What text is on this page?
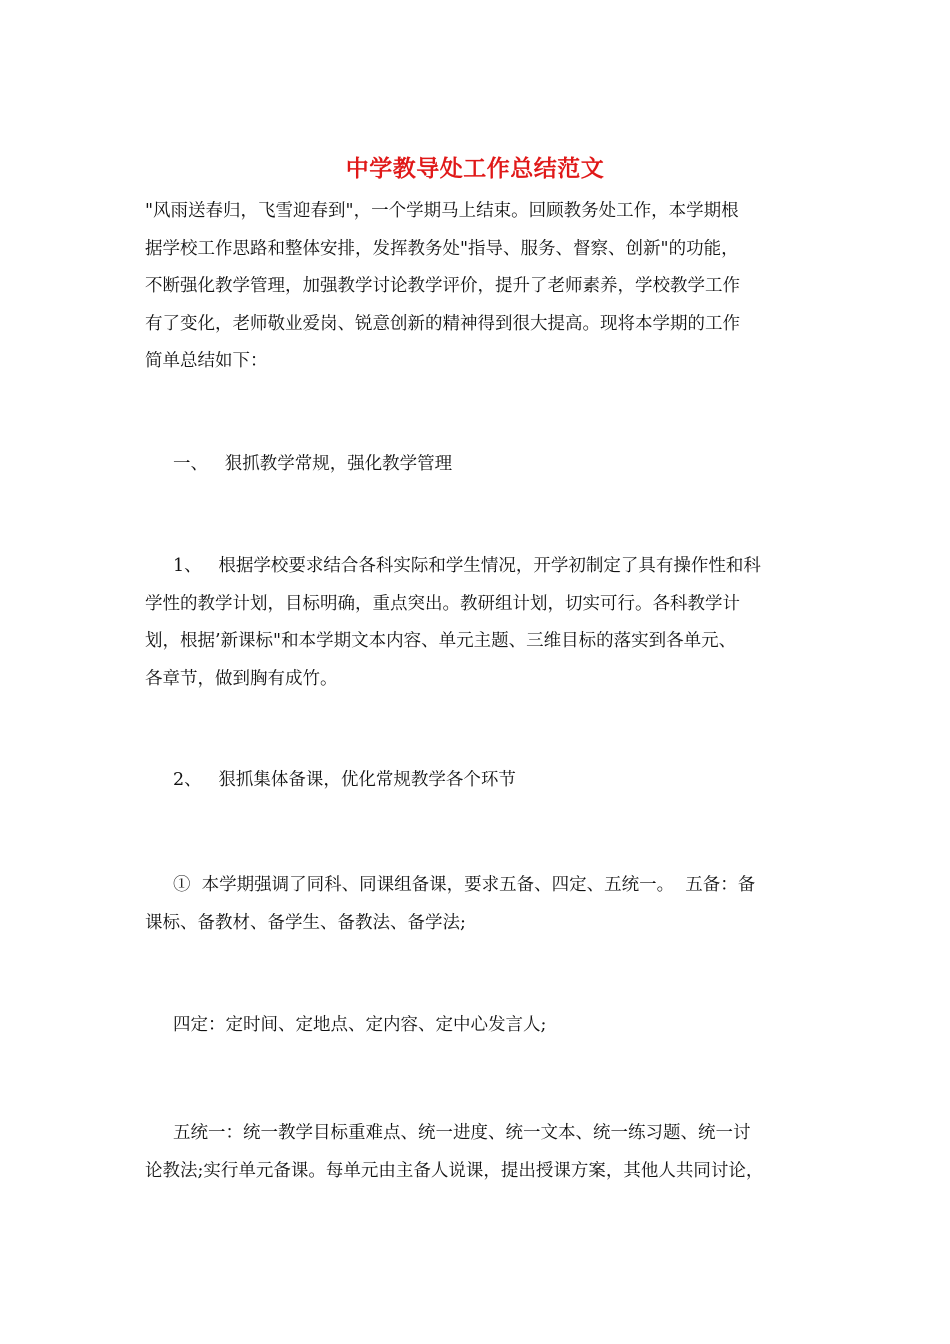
中学教导处工作总结范文
"风雨送春归，飞雪迎春到"，一个学期马上结束。回顾教务处工作，本学期根
据学校工作思路和整体安排，发挥教务处"指导、服务、督察、创新"的功能，
不断强化教学管理，加强教学讨论教学评价，提升了老师素养，学校教学工作
有了变化，老师敬业爱岗、锐意创新的精神得到很大提高。现将本学期的工作
简单总结如下：
一、   狠抓教学常规，强化教学管理
1、   根据学校要求结合各科实际和学生情况，开学初制定了具有操作性和科
学性的教学计划，目标明确，重点突出。教研组计划，切实可行。各科教学计
划，根据’新课标"和本学期文本内容、单元主题、三维目标的落实到各单元、
各章节，做到胸有成竹。
2、   狠抓集体备课，优化常规教学各个环节
①  本学期强调了同科、同课组备课，要求五备、四定、五统一。  五备：备
课标、备教材、备学生、备教法、备学法;
四定：定时间、定地点、定内容、定中心发言人;
五统一：统一教学目标重难点、统一进度、统一文本、统一练习题、统一讨
论教法;实行单元备课。每单元由主备人说课，提出授课方案，其他人共同讨论，
